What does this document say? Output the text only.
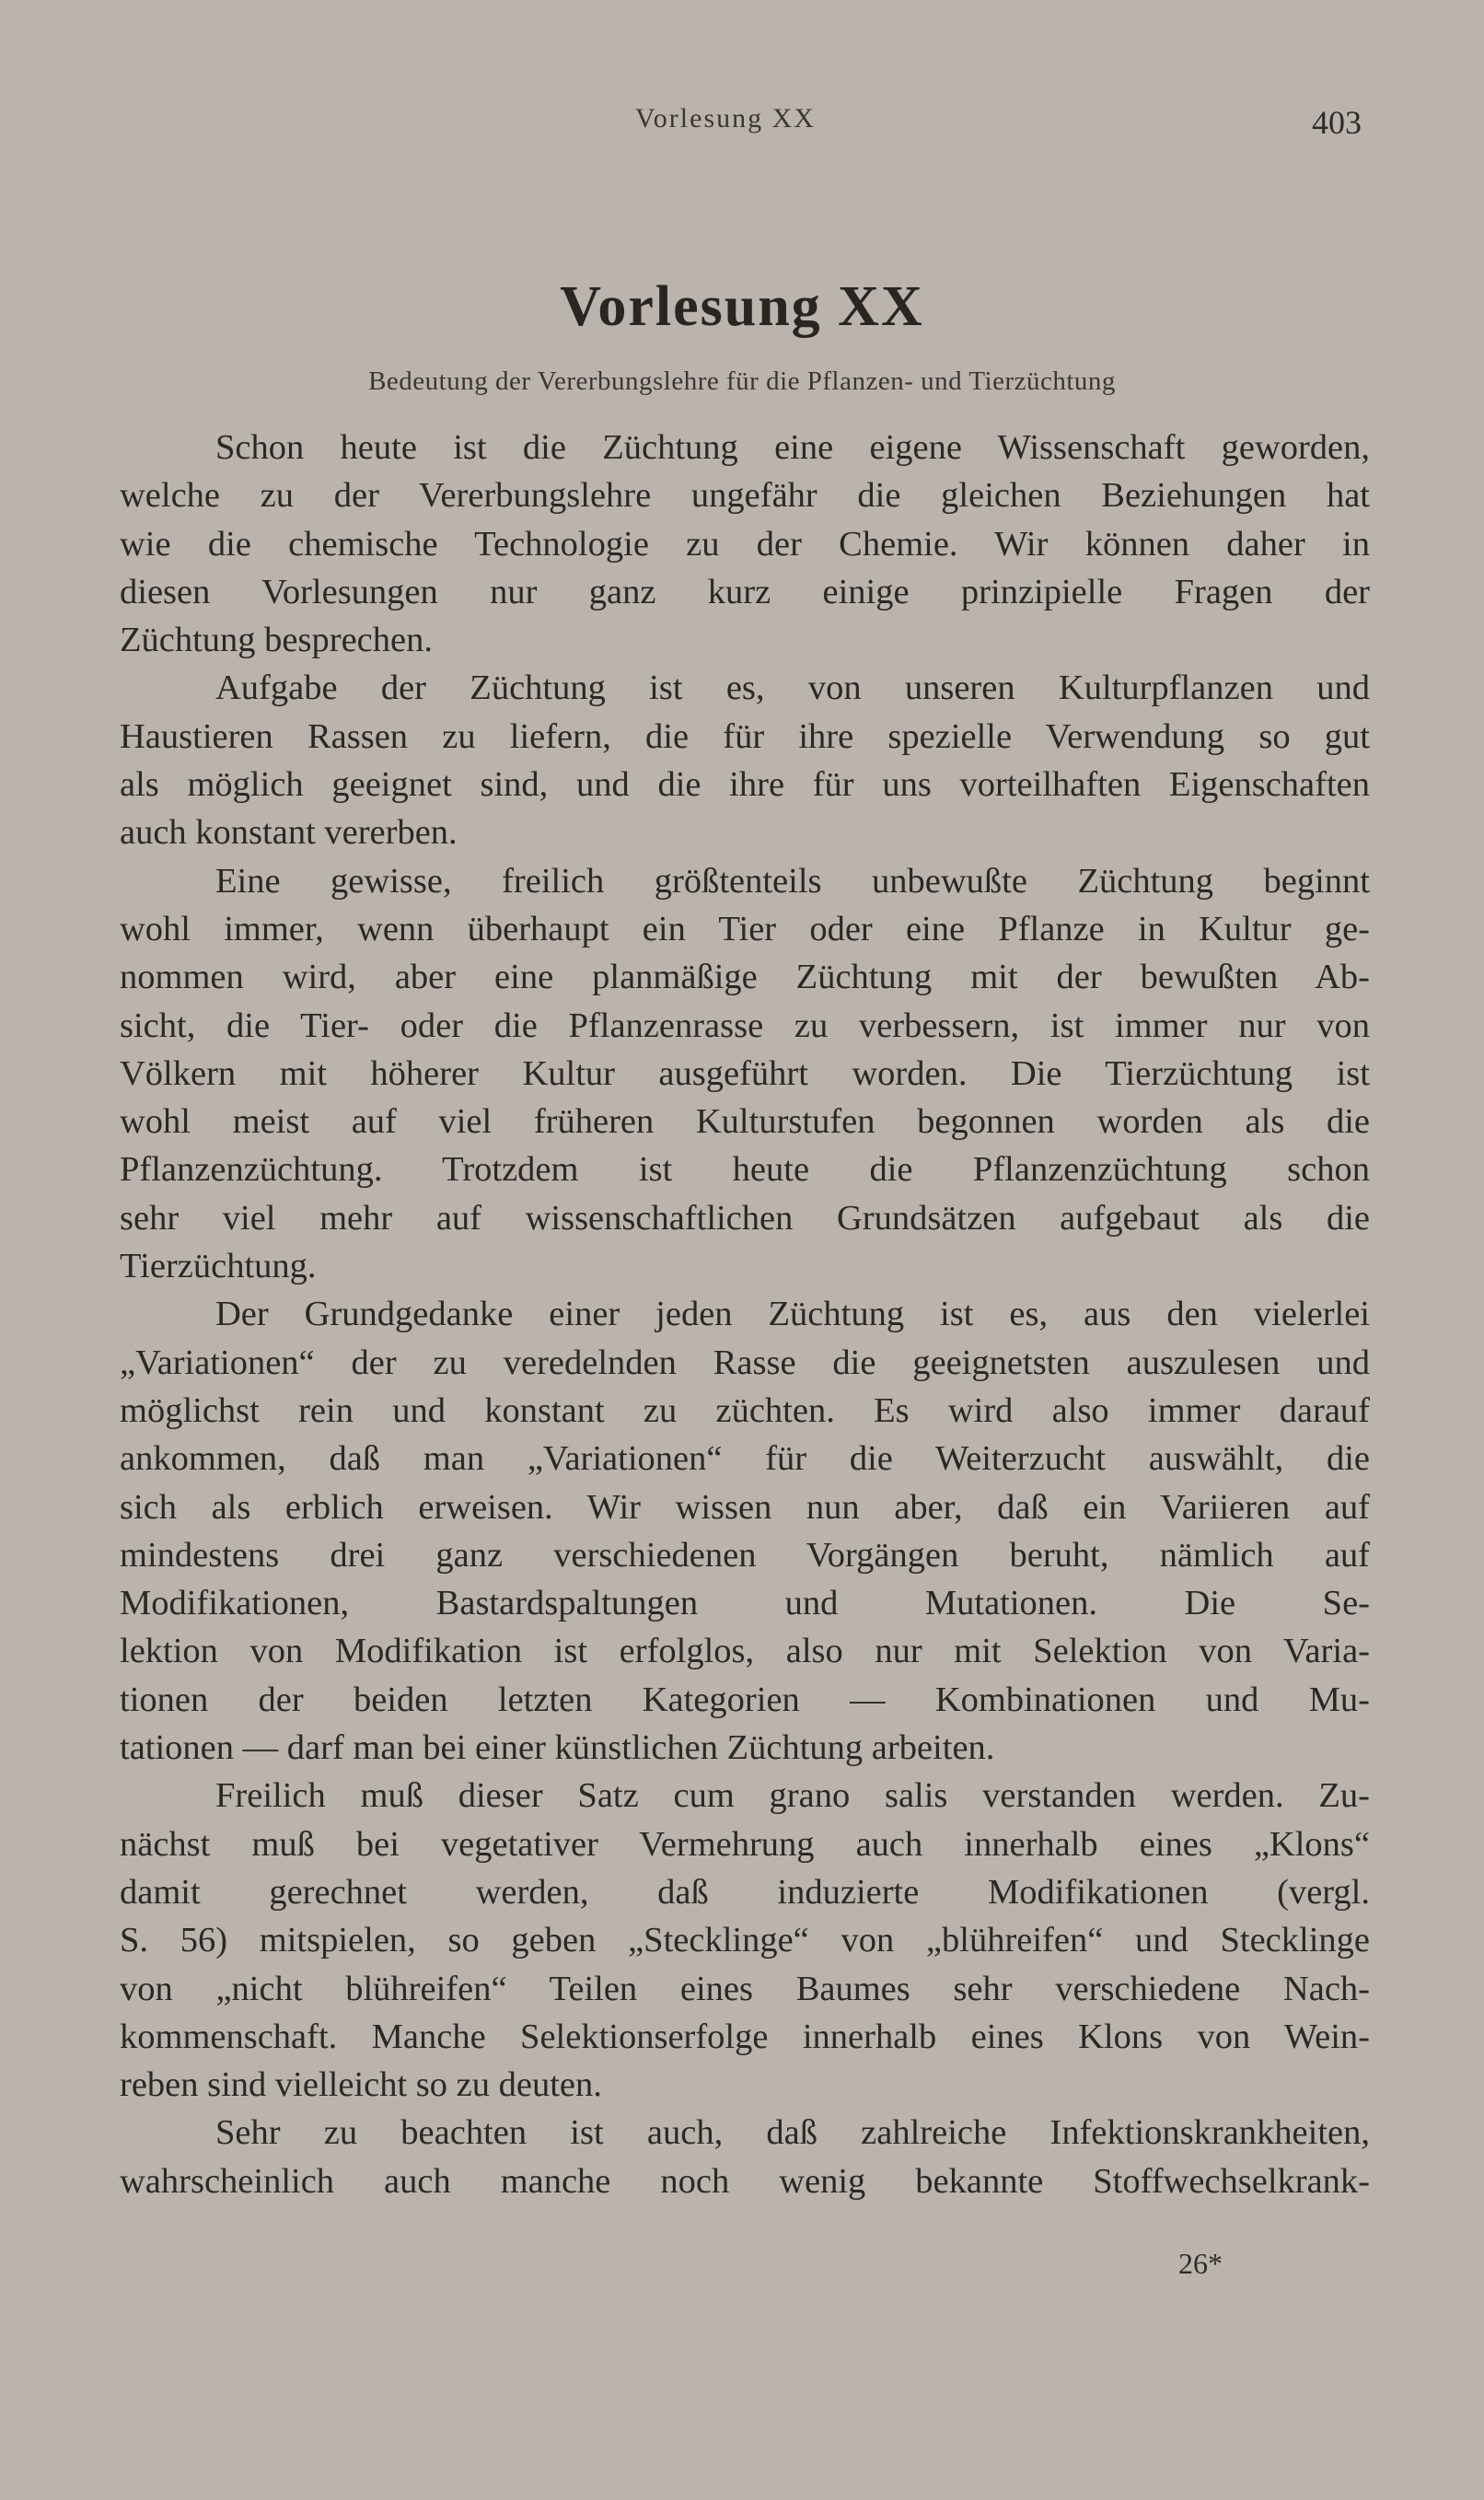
Vorlesung XX	403
Vorlesung XX
Bedeutung der Vererbungslehre für die Pflanzen- und Tierzüchtung
Schon heute ist die Züchtung eine eigene Wissenschaft geworden,
welche zu der Vererbungslehre ungefähr die gleichen Beziehungen hat
wie die chemische Technologie zu der Chemie. Wir können daher in
diesen Vorlesungen nur ganz kurz einige prinzipielle Fragen der
Züchtung besprechen.
Aufgabe der Züchtung ist es, von unseren Kulturpflanzen und
Haustieren Rassen zu liefern, die für ihre spezielle Verwendung so gut
als möglich geeignet sind, und die ihre für uns vorteilhaften Eigenschaften
auch konstant vererben.
Eine gewisse, freilich größtenteils unbewußte Züchtung beginnt
wohl immer, wenn überhaupt ein Tier oder eine Pflanze in Kultur ge-
nommen wird, aber eine planmäßige Züchtung mit der bewußten Ab-
sicht, die Tier- oder die Pflanzenrasse zu verbessern, ist immer nur von
Völkern mit höherer Kultur ausgeführt worden. Die Tierzüchtung ist
wohl meist auf viel früheren Kulturstufen begonnen worden als die
Pflanzenzüchtung. Trotzdem ist heute die Pflanzenzüchtung schon
sehr viel mehr auf wissenschaftlichen Grundsätzen aufgebaut als die
Tierzüchtung.
Der Grundgedanke einer jeden Züchtung ist es, aus den vielerlei
„Variationen“ der zu veredelnden Rasse die geeignetsten auszulesen und
möglichst rein und konstant zu züchten. Es wird also immer darauf
ankommen, daß man „Variationen“ für die Weiterzucht auswählt, die
sich als erblich erweisen. Wir wissen nun aber, daß ein Variieren auf
mindestens drei ganz verschiedenen Vorgängen beruht, nämlich auf
Modifikationen, Bastardspaltungen und Mutationen. Die Se-
lektion von Modifikation ist erfolglos, also nur mit Selektion von Varia-
tionen der beiden letzten Kategorien — Kombinationen und Mu-
tationen — darf man bei einer künstlichen Züchtung arbeiten.
Freilich muß dieser Satz cum grano salis verstanden werden. Zu-
nächst muß bei vegetativer Vermehrung auch innerhalb eines „Klons“
damit gerechnet werden, daß induzierte Modifikationen (vergl.
S. 56) mitspielen, so geben „Stecklinge“ von „blühreifen“ und Stecklinge
von „nicht blühreifen“ Teilen eines Baumes sehr verschiedene Nach-
kommenschaft. Manche Selektionserfolge innerhalb eines Klons von Wein-
reben sind vielleicht so zu deuten.
Sehr zu beachten ist auch, daß zahlreiche Infektionskrankheiten,
wahrscheinlich auch manche noch wenig bekannte Stoffwechselkrank-
26*
